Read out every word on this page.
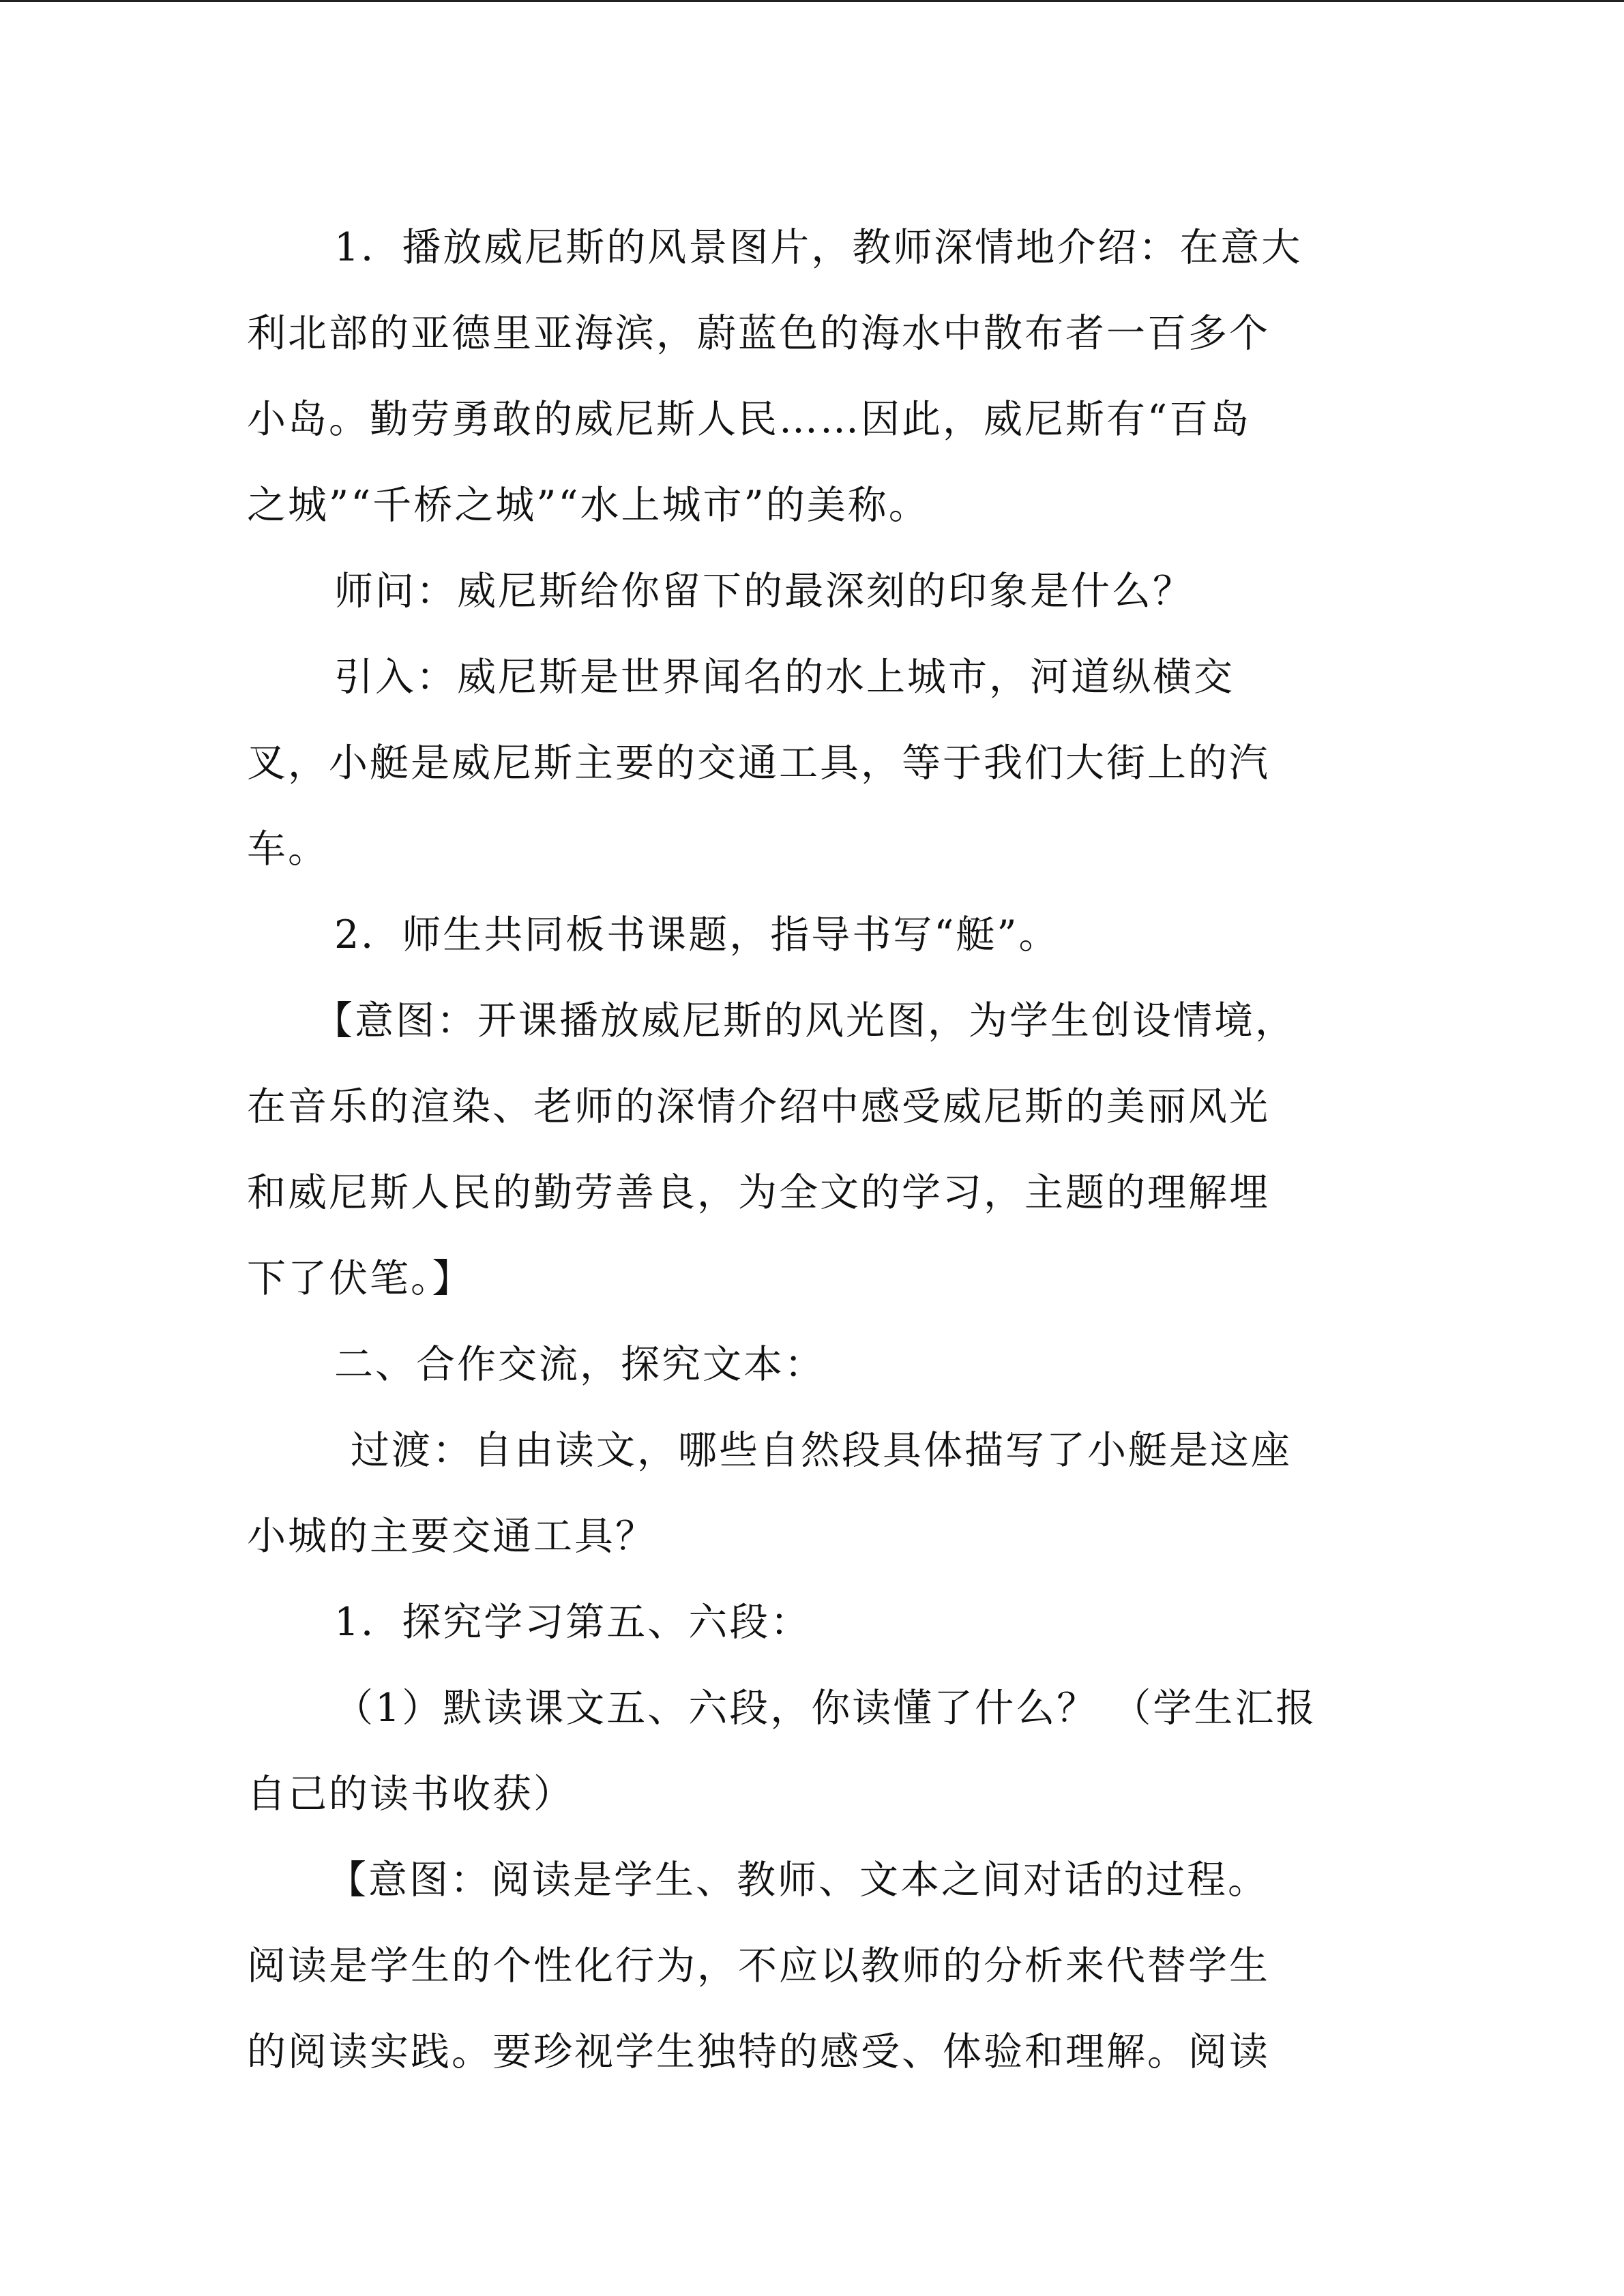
1．播放威尼斯的风景图片，教师深情地介绍：在意大
利北部的亚德里亚海滨，蔚蓝色的海水中散布者一百多个
小岛。勤劳勇敢的威尼斯人民……因此，威尼斯有“百岛
之城”“千桥之城”“水上城市”的美称。
师问：威尼斯给你留下的最深刻的印象是什么？
引入：威尼斯是世界闻名的水上城市，河道纵横交
叉，小艇是威尼斯主要的交通工具，等于我们大街上的汽
车。
2．师生共同板书课题，指导书写“艇”。
【意图：开课播放威尼斯的风光图，为学生创设情境，
在音乐的渲染、老师的深情介绍中感受威尼斯的美丽风光
和威尼斯人民的勤劳善良，为全文的学习，主题的理解埋
下了伏笔。】
二、合作交流，探究文本：
过渡：自由读文，哪些自然段具体描写了小艇是这座
小城的主要交通工具？
1．探究学习第五、六段：
（1）默读课文五、六段，你读懂了什么？ （学生汇报
自己的读书收获）
【意图：阅读是学生、教师、文本之间对话的过程。
阅读是学生的个性化行为，不应以教师的分析来代替学生
的阅读实践。要珍视学生独特的感受、体验和理解。阅读
